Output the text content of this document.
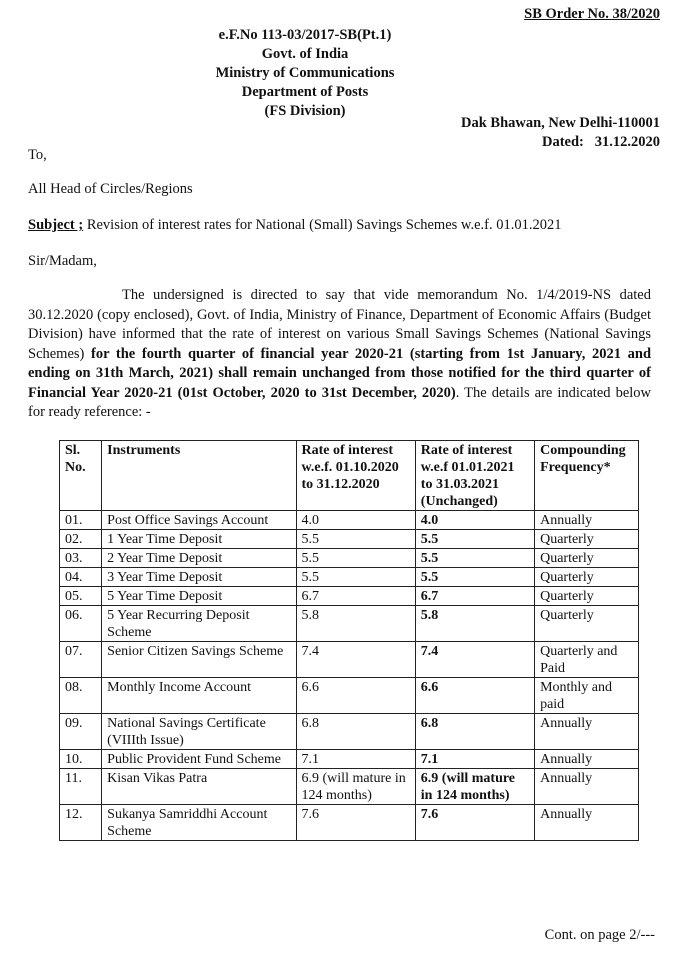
SB Order No. 38/2020
e.F.No 113-03/2017-SB(Pt.1)
Govt. of India
Ministry of Communications
Department of Posts
(FS Division)
Dak Bhawan, New Delhi-110001
Dated: 31.12.2020
To,
All Head of Circles/Regions
Subject ; Revision of interest rates for National (Small) Savings Schemes w.e.f. 01.01.2021
Sir/Madam,
The undersigned is directed to say that vide memorandum No. 1/4/2019-NS dated 30.12.2020 (copy enclosed), Govt. of India, Ministry of Finance, Department of Economic Affairs (Budget Division) have informed that the rate of interest on various Small Savings Schemes (National Savings Schemes) for the fourth quarter of financial year 2020-21 (starting from 1st January, 2021 and ending on 31th March, 2021) shall remain unchanged from those notified for the third quarter of Financial Year 2020-21 (01st October, 2020 to 31st December, 2020). The details are indicated below for ready reference: -
Sl. No.	Instruments	Rate of interest w.e.f. 01.10.2020 to 31.12.2020	Rate of interest w.e.f 01.01.2021 to 31.03.2021 (Unchanged)	Compounding Frequency*
01.	Post Office Savings Account	4.0	4.0	Annually
02.	1 Year Time Deposit	5.5	5.5	Quarterly
03.	2 Year Time Deposit	5.5	5.5	Quarterly
04.	3 Year Time Deposit	5.5	5.5	Quarterly
05.	5 Year Time Deposit	6.7	6.7	Quarterly
06.	5 Year Recurring Deposit Scheme	5.8	5.8	Quarterly
07.	Senior Citizen Savings Scheme	7.4	7.4	Quarterly and Paid
08.	Monthly Income Account	6.6	6.6	Monthly and paid
09.	National Savings Certificate (VIIIth Issue)	6.8	6.8	Annually
10.	Public Provident Fund Scheme	7.1	7.1	Annually
11.	Kisan Vikas Patra	6.9 (will mature in 124 months)	6.9 (will mature in 124 months)	Annually
12.	Sukanya Samriddhi Account Scheme	7.6	7.6	Annually
Cont. on page 2/---
